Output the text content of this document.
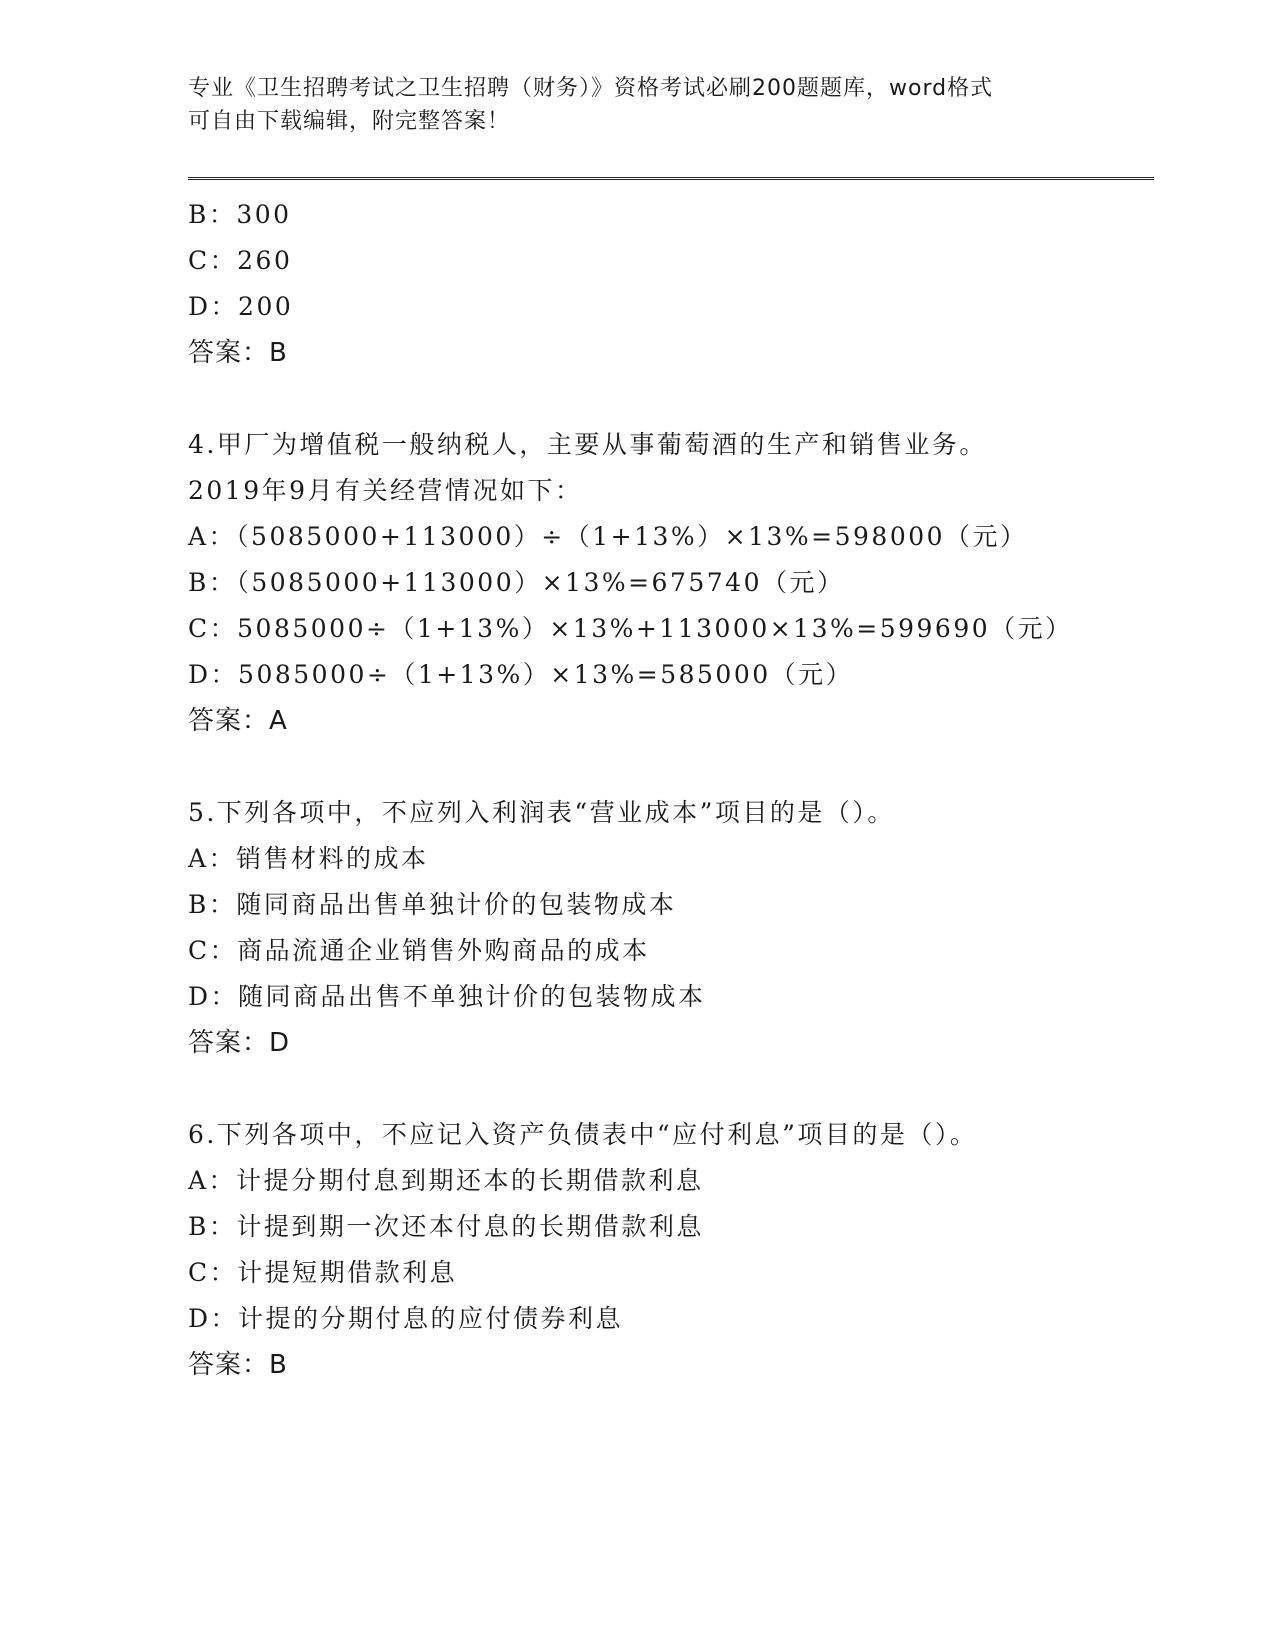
专业《卫生招聘考试之卫生招聘（财务）》资格考试必刷200题题库，word格式
可自由下载编辑，附完整答案！
B：300
C：260
D：200
答案：B
4.甲厂为增值税一般纳税人，主要从事葡萄酒的生产和销售业务。
2019年9月有关经营情况如下：
A：（5085000+113000）÷（1+13%）×13%=598000（元）
B：（5085000+113000）×13%=675740（元）
C：5085000÷（1+13%）×13%+113000×13%=599690（元）
D：5085000÷（1+13%）×13%=585000（元）
答案：A
5.下列各项中，不应列入利润表“营业成本”项目的是（）。
A：销售材料的成本
B：随同商品出售单独计价的包装物成本
C：商品流通企业销售外购商品的成本
D：随同商品出售不单独计价的包装物成本
答案：D
6.下列各项中，不应记入资产负债表中“应付利息”项目的是（）。
A：计提分期付息到期还本的长期借款利息
B：计提到期一次还本付息的长期借款利息
C：计提短期借款利息
D：计提的分期付息的应付债券利息
答案：B
